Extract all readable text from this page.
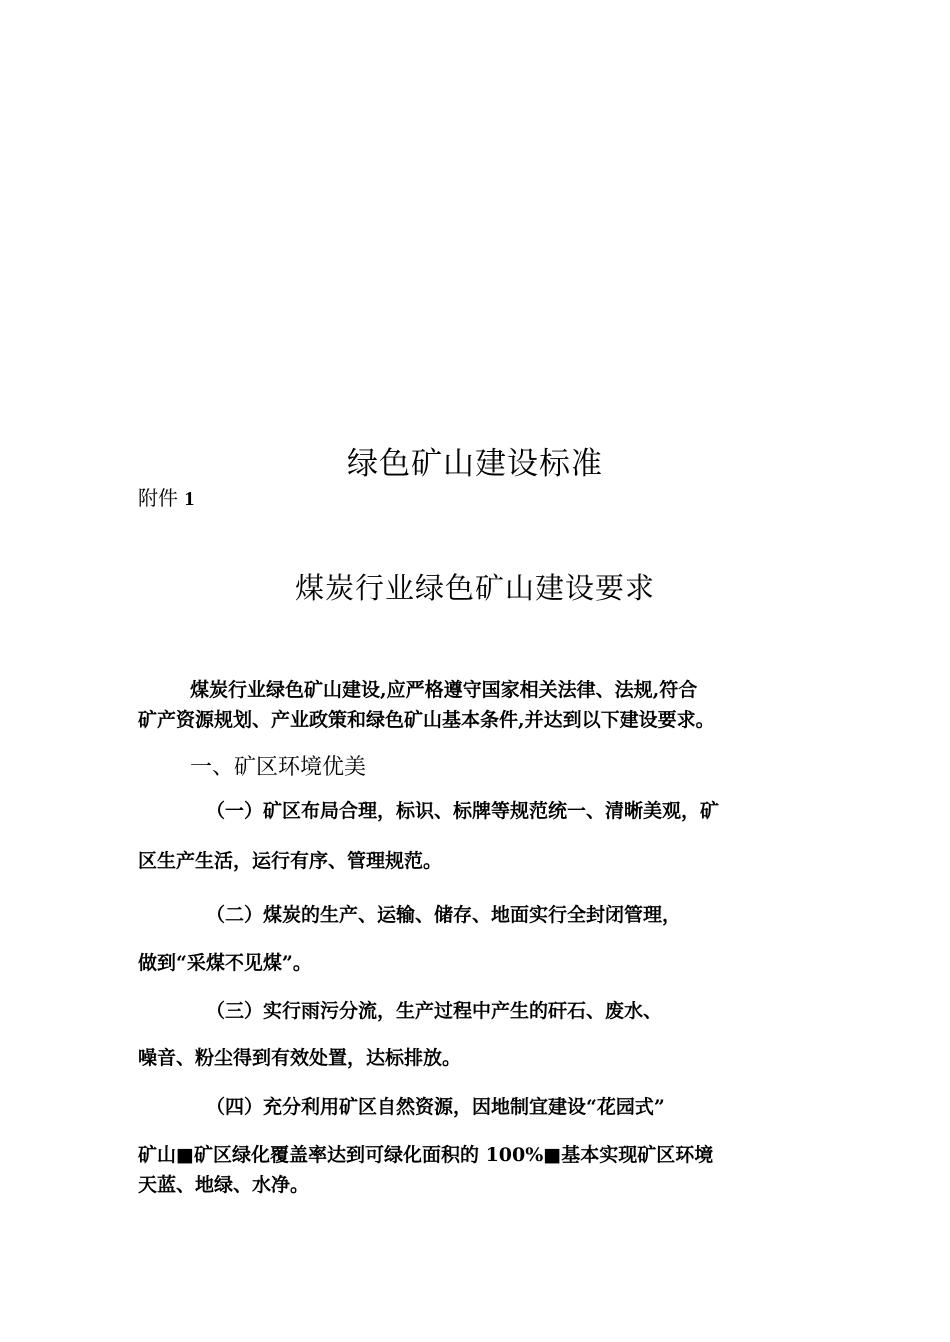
绿色矿山建设标准
附件 1
煤炭行业绿色矿山建设要求
煤炭行业绿色矿山建设,应严格遵守国家相关法律、法规,符合
矿产资源规划、产业政策和绿色矿山基本条件,并达到以下建设要求。
一、矿区环境优美
（一）矿区布局合理，标识、标牌等规范统一、清晰美观，矿
区生产生活，运行有序、管理规范。
（二）煤炭的生产、运输、储存、地面实行全封闭管理，
做到“采煤不见煤”。
（三）实行雨污分流，生产过程中产生的矸石、废水、
噪音、粉尘得到有效处置，达标排放。
（四）充分利用矿区自然资源，因地制宜建设“花园式”
矿山■矿区绿化覆盖率达到可绿化面积的 100%■基本实现矿区环境
天蓝、地绿、水净。
